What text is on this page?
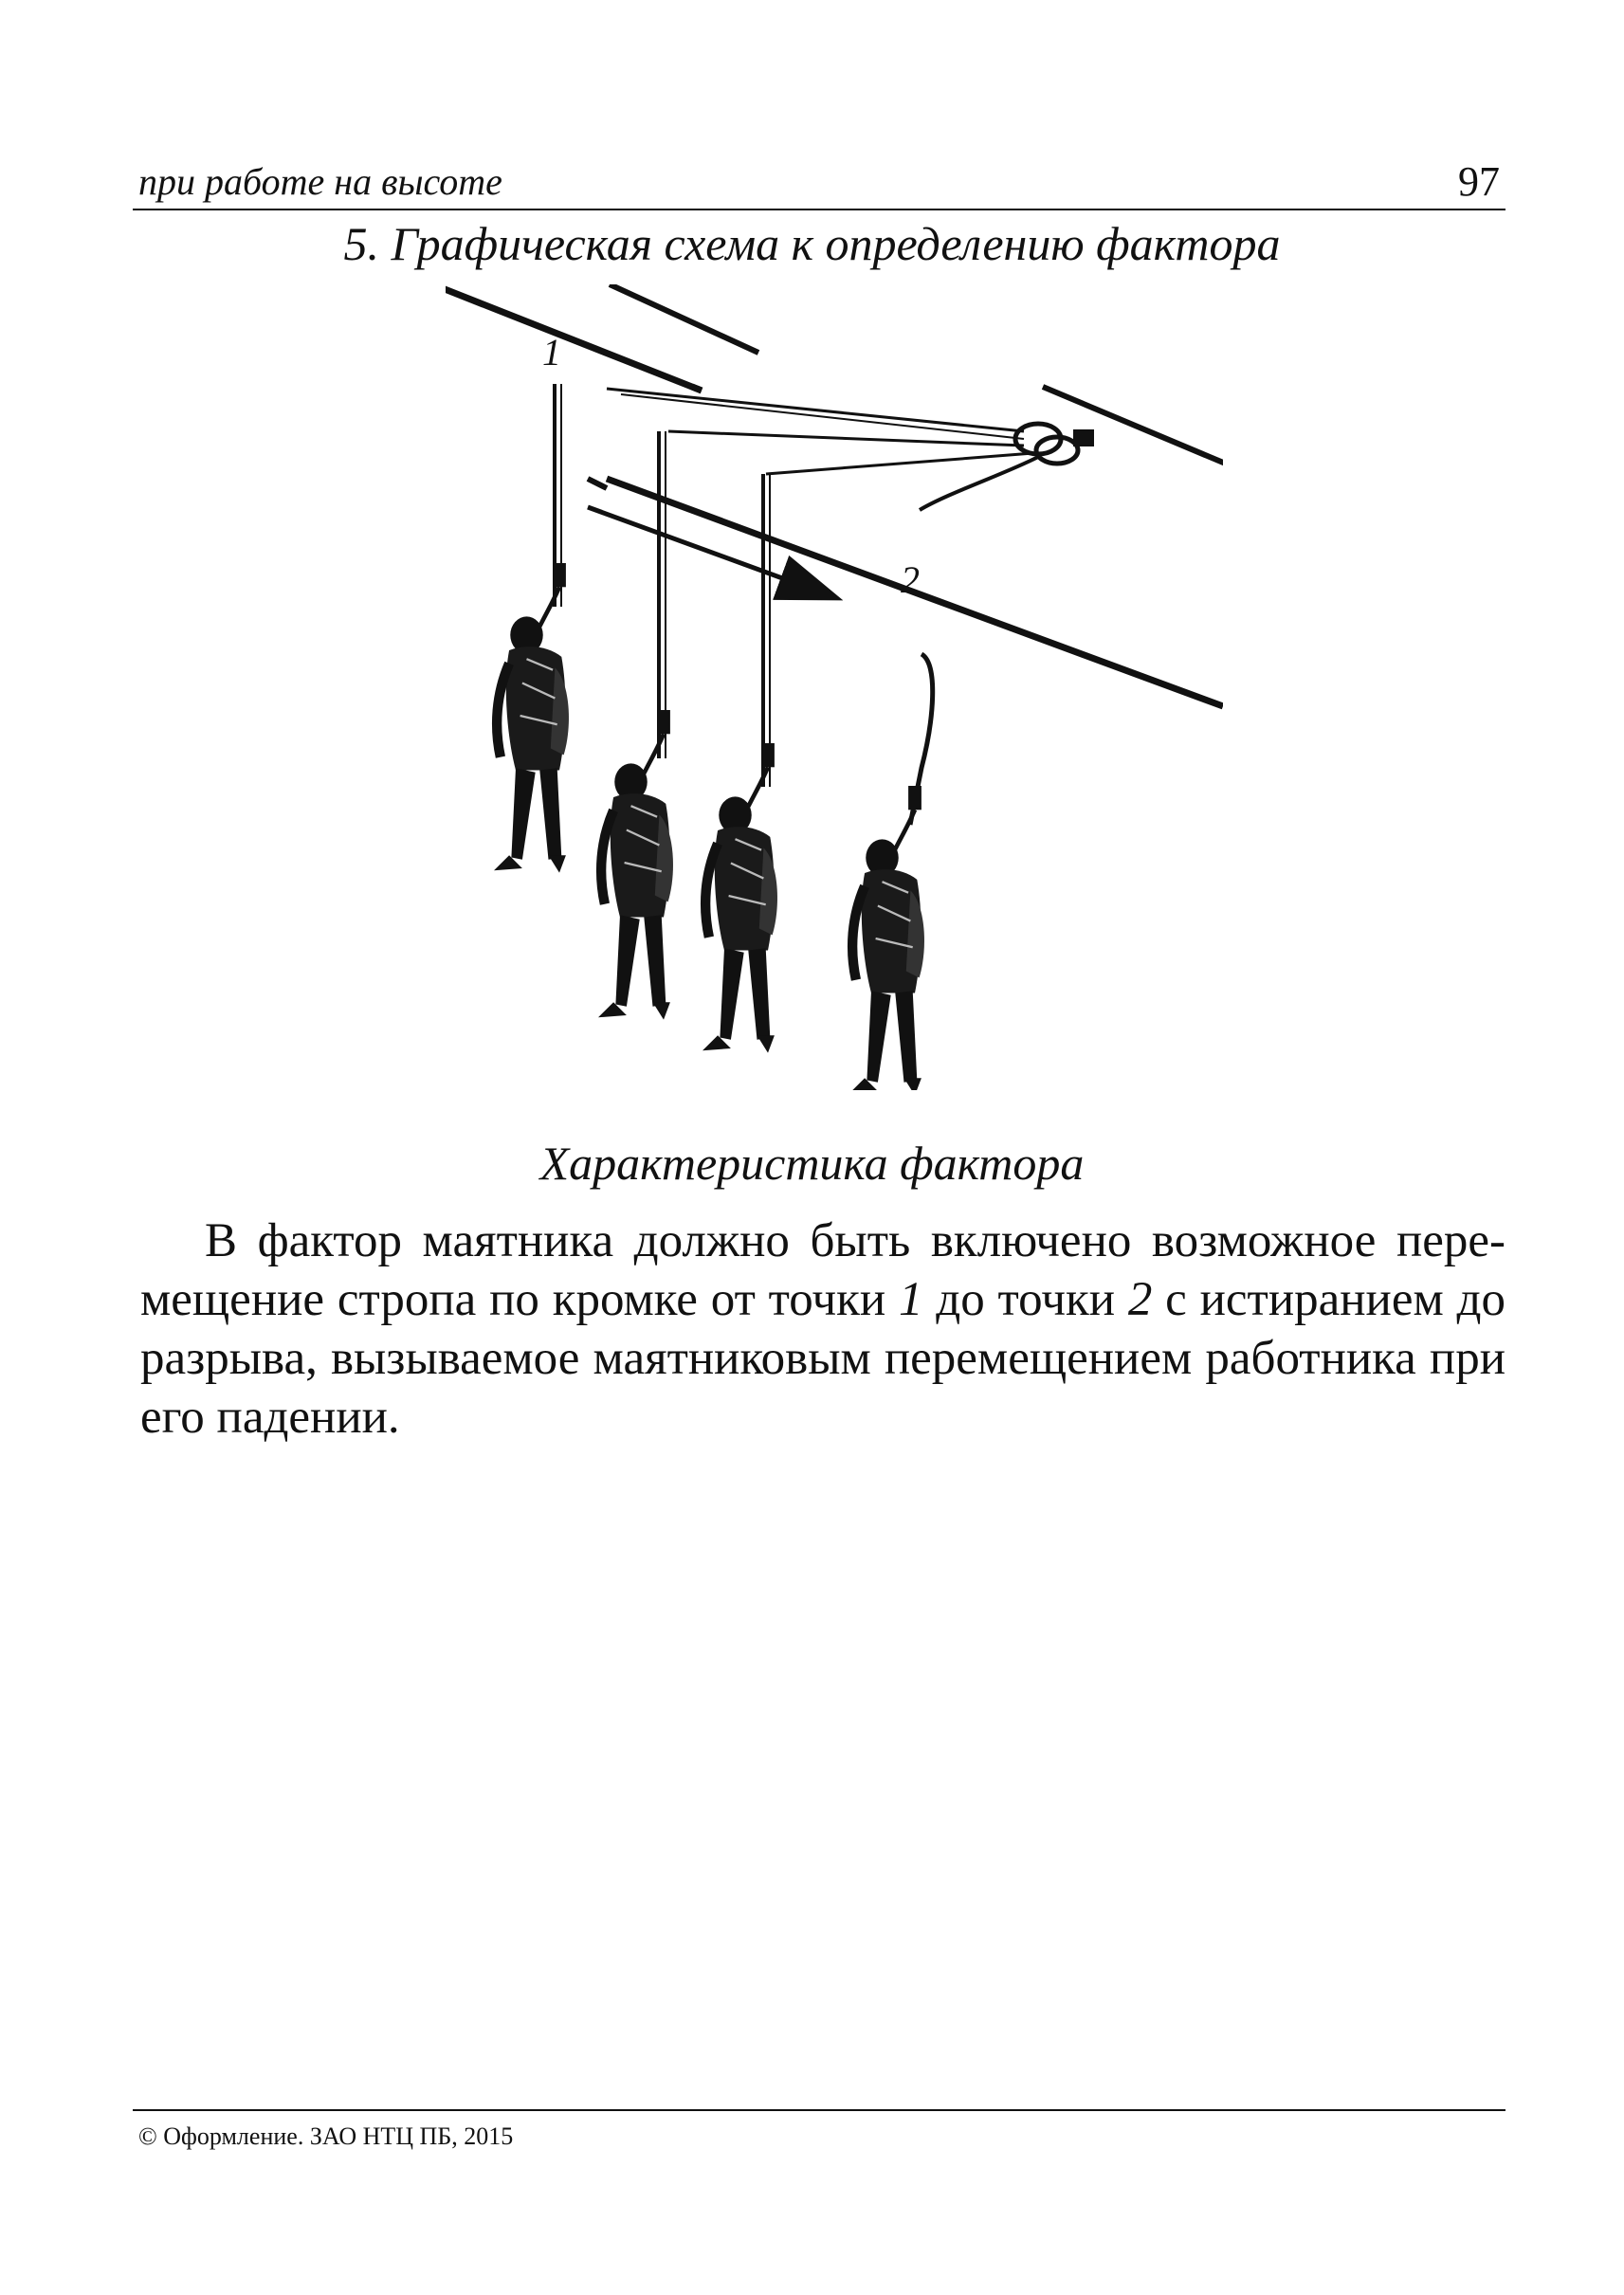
при работе на высоте	97
5. Графическая схема к определению фактора
1
2
Характеристика фактора
В фактор маятника должно быть включено возможное пере-
мещение стропа по кромке от точки 1 до точки 2 с истиранием до
разрыва, вызываемое маятниковым перемещением работника при
его падении.
© Оформление. ЗАО НТЦ ПБ, 2015
